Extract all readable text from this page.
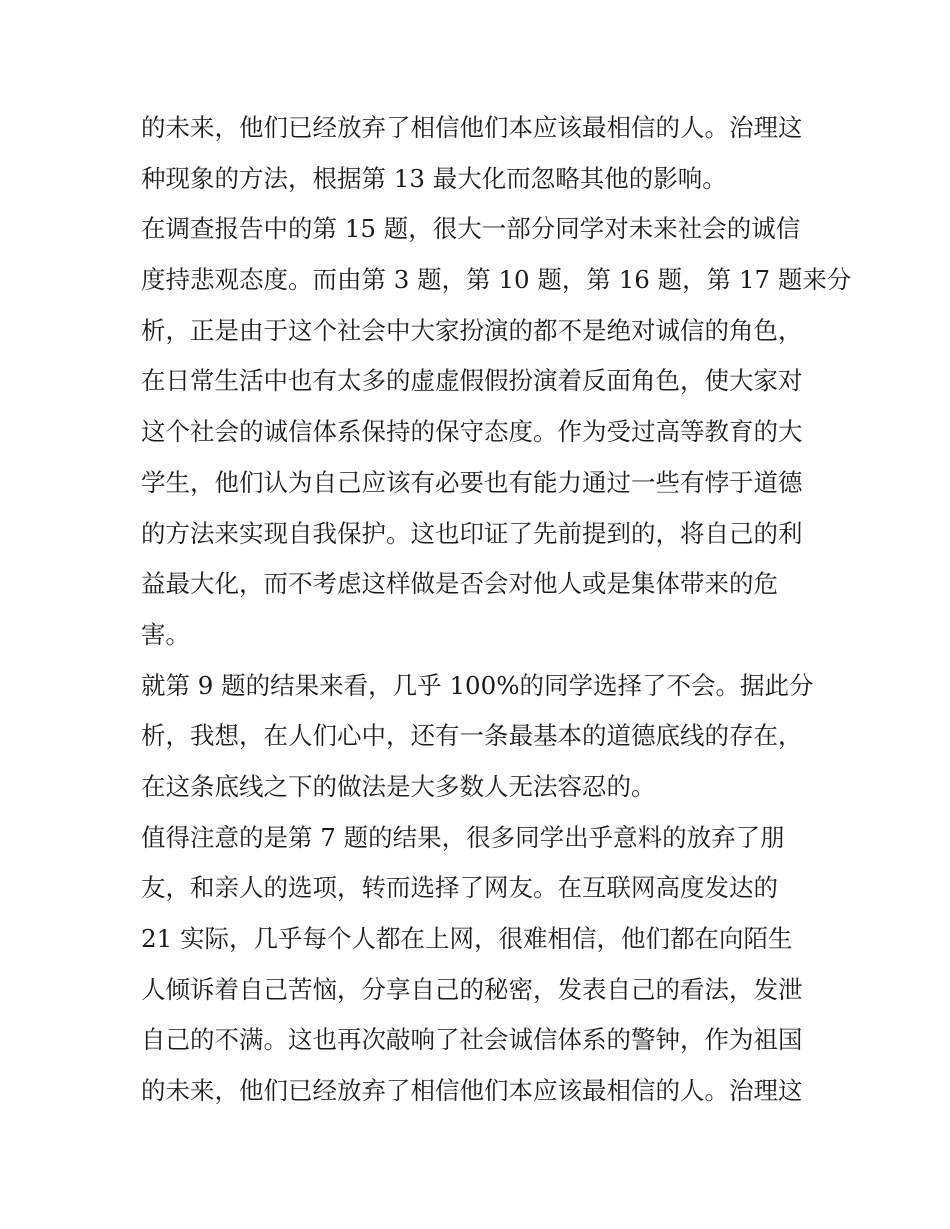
的未来，他们已经放弃了相信他们本应该最相信的人。治理这
种现象的方法，根据第 13 最大化而忽略其他的影响。
在调查报告中的第 15 题，很大一部分同学对未来社会的诚信
度持悲观态度。而由第 3 题，第 10 题，第 16 题，第 17 题来分
析，正是由于这个社会中大家扮演的都不是绝对诚信的角色，
在日常生活中也有太多的虚虚假假扮演着反面角色，使大家对
这个社会的诚信体系保持的保守态度。作为受过高等教育的大
学生，他们认为自己应该有必要也有能力通过一些有悖于道德
的方法来实现自我保护。这也印证了先前提到的，将自己的利
益最大化，而不考虑这样做是否会对他人或是集体带来的危
害。
就第 9 题的结果来看，几乎 100%的同学选择了不会。据此分
析，我想，在人们心中，还有一条最基本的道德底线的存在，
在这条底线之下的做法是大多数人无法容忍的。
值得注意的是第 7 题的结果，很多同学出乎意料的放弃了朋
友，和亲人的选项，转而选择了网友。在互联网高度发达的
21 实际，几乎每个人都在上网，很难相信，他们都在向陌生
人倾诉着自己苦恼，分享自己的秘密，发表自己的看法，发泄
自己的不满。这也再次敲响了社会诚信体系的警钟，作为祖国
的未来，他们已经放弃了相信他们本应该最相信的人。治理这
